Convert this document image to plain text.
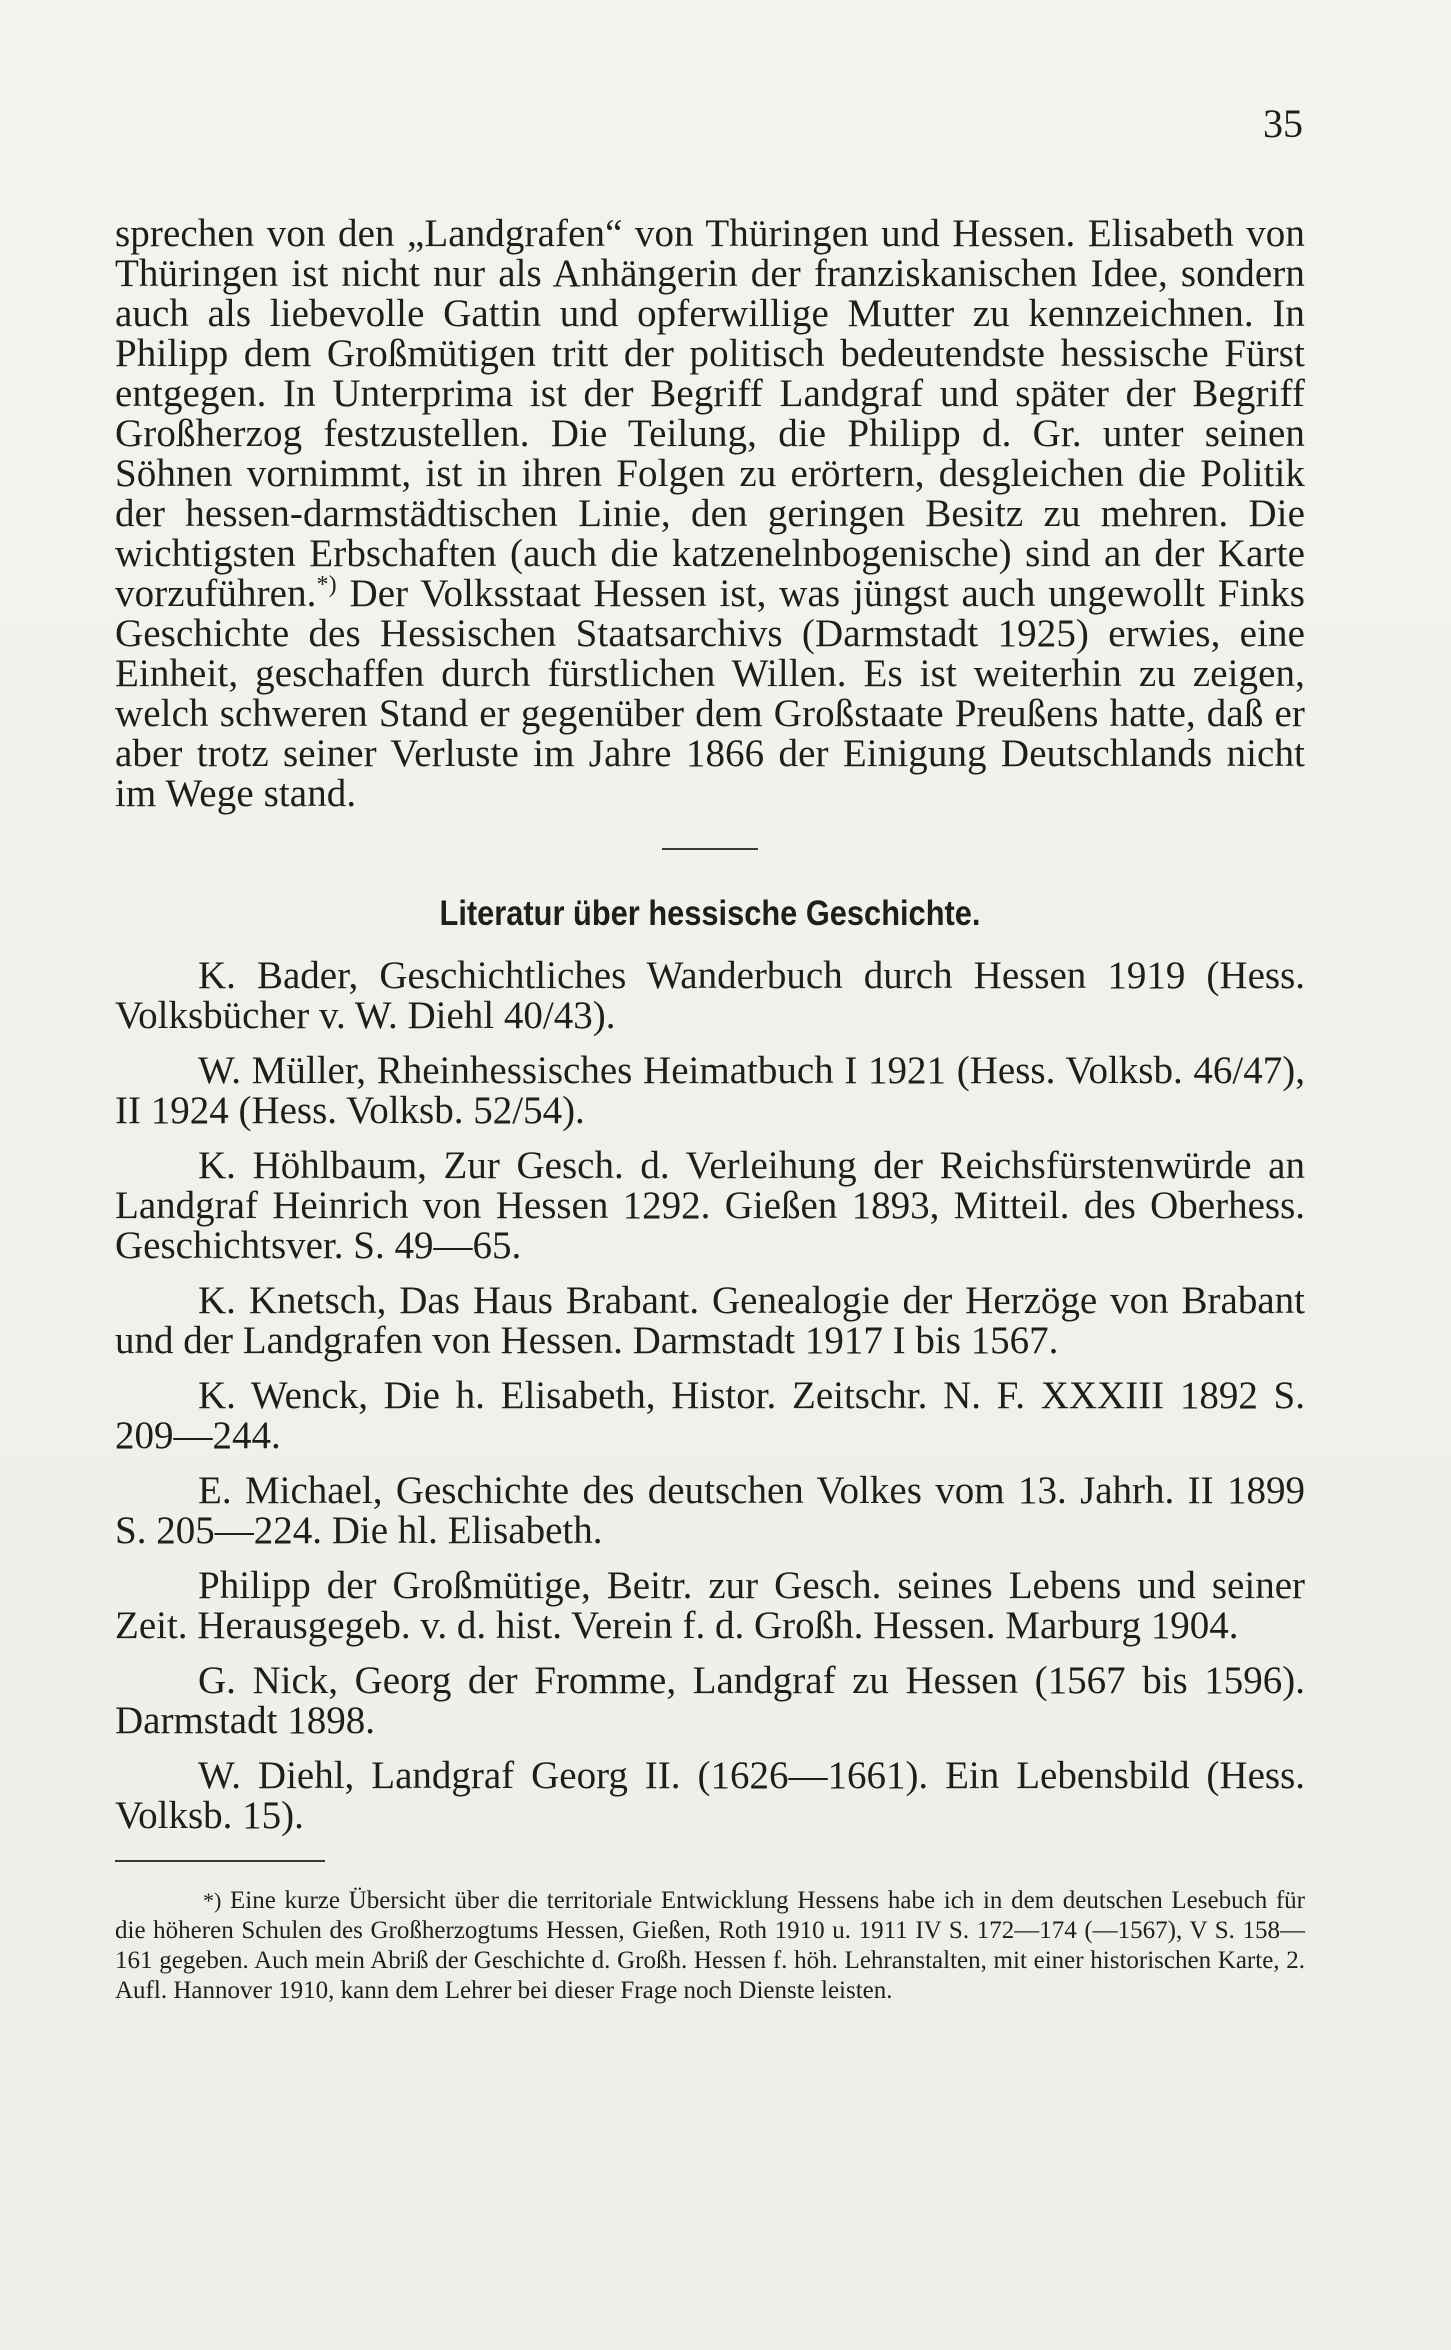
35

sprechen von den „Landgrafen“ von Thüringen und Hessen. Elisabeth von Thüringen ist nicht nur als Anhängerin der franziskanischen Idee, sondern auch als liebevolle Gattin und opferwillige Mutter zu kennzeichnen. In Philipp dem Großmütigen tritt der politisch bedeutendste hessische Fürst entgegen. In Unterprima ist der Begriff Landgraf und später der Begriff Großherzog festzustellen. Die Teilung, die Philipp d. Gr. unter seinen Söhnen vornimmt, ist in ihren Folgen zu erörtern, desgleichen die Politik der hessen-darmstädtischen Linie, den geringen Besitz zu mehren. Die wichtigsten Erbschaften (auch die katzenelnbogenische) sind an der Karte vorzuführen.*) Der Volksstaat Hessen ist, was jüngst auch ungewollt Finks Geschichte des Hessischen Staatsarchivs (Darmstadt 1925) erwies, eine Einheit, geschaffen durch fürstlichen Willen. Es ist weiterhin zu zeigen, welch schweren Stand er gegenüber dem Großstaate Preußens hatte, daß er aber trotz seiner Verluste im Jahre 1866 der Einigung Deutschlands nicht im Wege stand.

Literatur über hessische Geschichte.
K. Bader, Geschichtliches Wanderbuch durch Hessen 1919 (Hess. Volksbücher v. W. Diehl 40/43).
W. Müller, Rheinhessisches Heimatbuch I 1921 (Hess. Volksb. 46/47), II 1924 (Hess. Volksb. 52/54).
K. Höhlbaum, Zur Gesch. d. Verleihung der Reichsfürstenwürde an Landgraf Heinrich von Hessen 1292. Gießen 1893, Mitteil. des Oberhess. Geschichtsver. S. 49—65.
K. Knetsch, Das Haus Brabant. Genealogie der Herzöge von Brabant und der Landgrafen von Hessen. Darmstadt 1917 I bis 1567.
K. Wenck, Die h. Elisabeth, Histor. Zeitschr. N. F. XXXIII 1892 S. 209—244.
E. Michael, Geschichte des deutschen Volkes vom 13. Jahrh. II 1899 S. 205—224. Die hl. Elisabeth.
Philipp der Großmütige, Beitr. zur Gesch. seines Lebens und seiner Zeit. Herausgegeb. v. d. hist. Verein f. d. Großh. Hessen. Marburg 1904.
G. Nick, Georg der Fromme, Landgraf zu Hessen (1567 bis 1596). Darmstadt 1898.
W. Diehl, Landgraf Georg II. (1626—1661). Ein Lebensbild (Hess. Volksb. 15).

*) Eine kurze Übersicht über die territoriale Entwicklung Hessens habe ich in dem deutschen Lesebuch für die höheren Schulen des Großherzogtums Hessen, Gießen, Roth 1910 u. 1911 IV S. 172—174 (—1567), V S. 158—161 gegeben. Auch mein Abriß der Geschichte d. Großh. Hessen f. höh. Lehranstalten, mit einer historischen Karte, 2. Aufl. Hannover 1910, kann dem Lehrer bei dieser Frage noch Dienste leisten.
